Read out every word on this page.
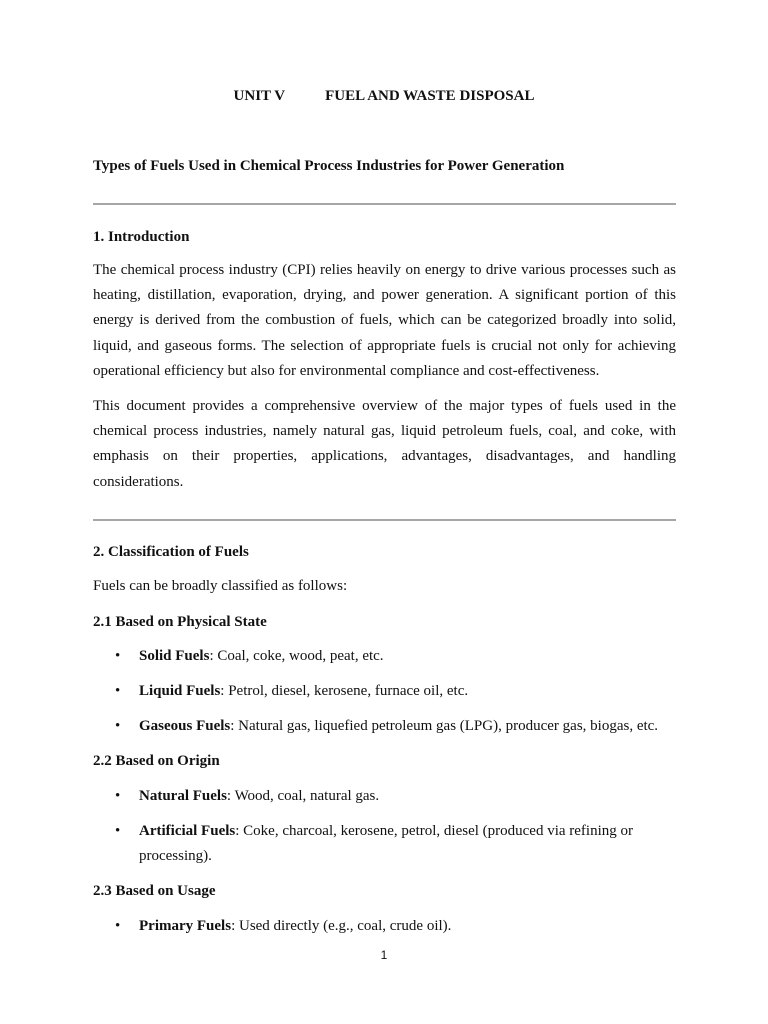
UNIT V	FUEL AND WASTE DISPOSAL
Types of Fuels Used in Chemical Process Industries for Power Generation
1. Introduction
The chemical process industry (CPI) relies heavily on energy to drive various processes such as heating, distillation, evaporation, drying, and power generation. A significant portion of this energy is derived from the combustion of fuels, which can be categorized broadly into solid, liquid, and gaseous forms. The selection of appropriate fuels is crucial not only for achieving operational efficiency but also for environmental compliance and cost-effectiveness.
This document provides a comprehensive overview of the major types of fuels used in the chemical process industries, namely natural gas, liquid petroleum fuels, coal, and coke, with emphasis on their properties, applications, advantages, disadvantages, and handling considerations.
2. Classification of Fuels
Fuels can be broadly classified as follows:
2.1 Based on Physical State
•	Solid Fuels: Coal, coke, wood, peat, etc.
•	Liquid Fuels: Petrol, diesel, kerosene, furnace oil, etc.
•	Gaseous Fuels: Natural gas, liquefied petroleum gas (LPG), producer gas, biogas, etc.
2.2 Based on Origin
•	Natural Fuels: Wood, coal, natural gas.
•	Artificial Fuels: Coke, charcoal, kerosene, petrol, diesel (produced via refining or processing).
2.3 Based on Usage
•	Primary Fuels: Used directly (e.g., coal, crude oil).
1
